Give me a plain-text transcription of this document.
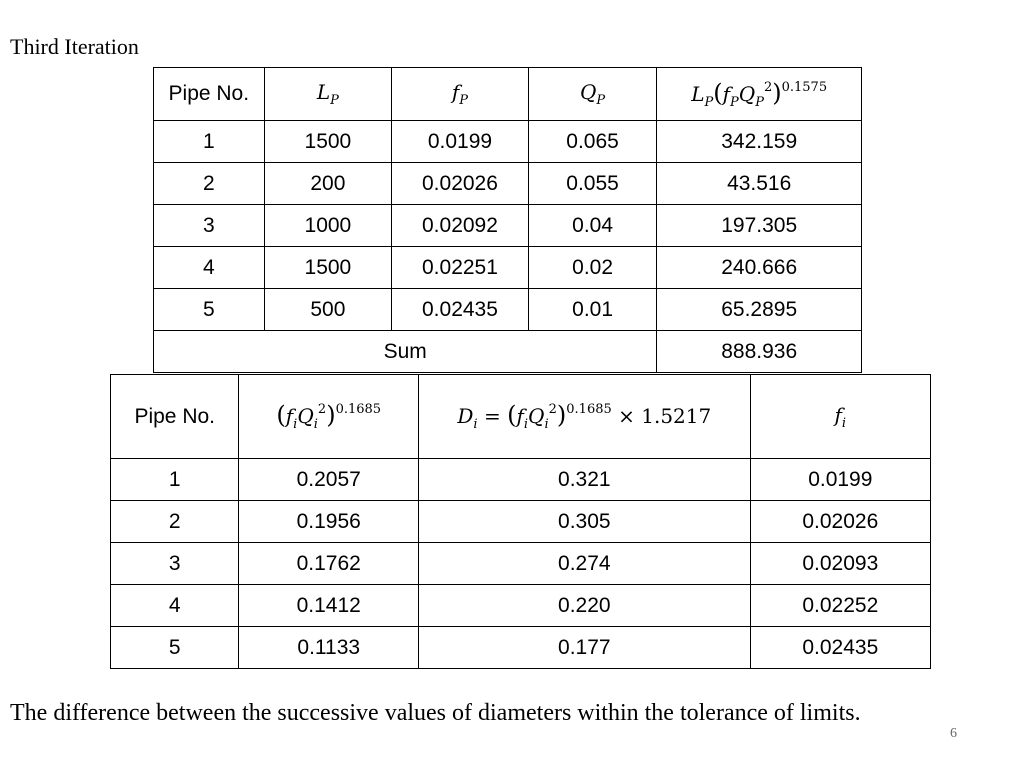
Third Iteration
Pipe No.	$L_P$	$f_P$	$Q_P$	$L_P(f_PQ_P^2)^{0.1575}$
1	1500	0.0199	0.065	342.159
2	200	0.02026	0.055	43.516
3	1000	0.02092	0.04	197.305
4	1500	0.02251	0.02	240.666
5	500	0.02435	0.01	65.2895
Sum				888.936
Pipe No.	$(f_iQ_i^2)^{0.1685}$	$D_i = (f_iQ_i^2)^{0.1685} \times 1.5217$	$f_i$
1	0.2057	0.321	0.0199
2	0.1956	0.305	0.02026
3	0.1762	0.274	0.02093
4	0.1412	0.220	0.02252
5	0.1133	0.177	0.02435
The difference between the successive values of diameters within the tolerance of limits.
6
